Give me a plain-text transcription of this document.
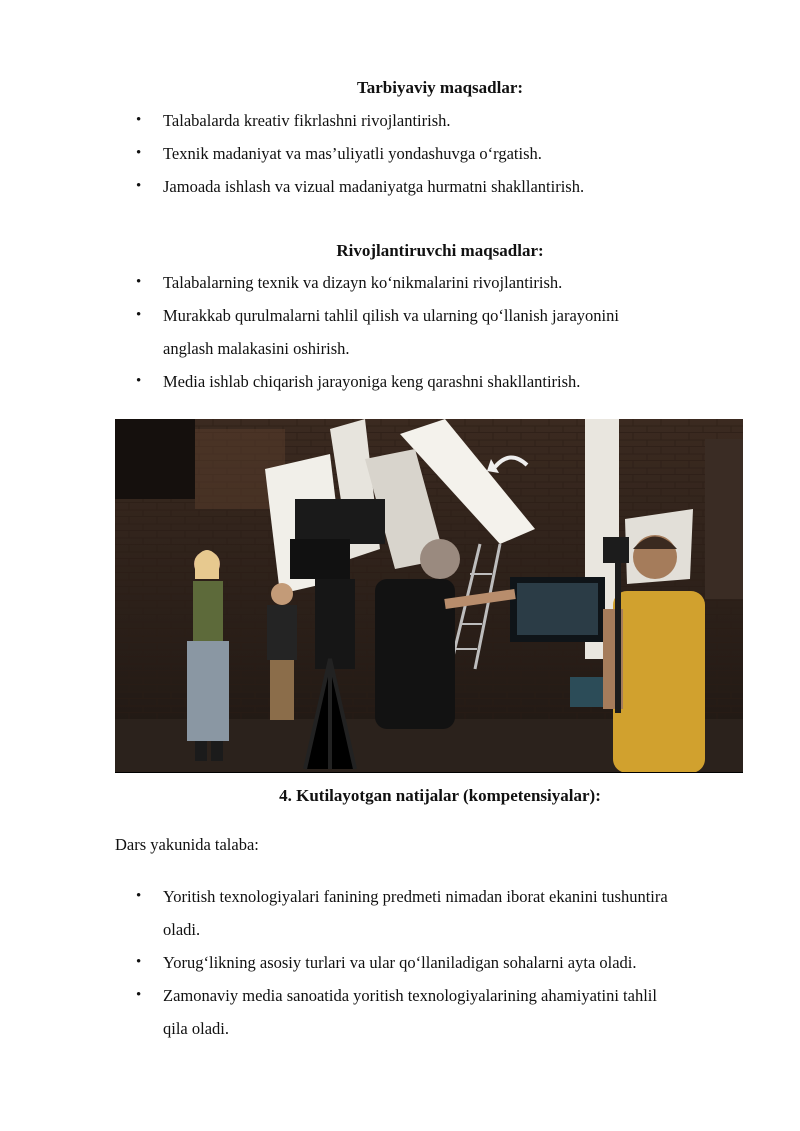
Tarbiyaviy maqsadlar:
• Talabalarda kreativ fikrlashni rivojlantirish.
• Texnik madaniyat va mas’uliyatli yondashuvga o‘rgatish.
• Jamoada ishlash va vizual madaniyatga hurmatni shakllantirish.
Rivojlantiruvchi maqsadlar:
• Talabalarning texnik va dizayn ko‘nikmalarini rivojlantirish.
• Murakkab qurulmalarni tahlil qilish va ularning qo‘llanish jarayonini
anglash malakasini oshirish.
• Media ishlab chiqarish jarayoniga keng qarashni shakllantirish.
4. Kutilayotgan natijalar (kompetensiyalar):
Dars yakunida talaba:
• Yoritish texnologiyalari fanining predmeti nimadan iborat ekanini tushuntira
oladi.
• Yorug‘likning asosiy turlari va ular qo‘llaniladigan sohalarni ayta oladi.
• Zamonaviy media sanoatida yoritish texnologiyalarining ahamiyatini tahlil
qila oladi.
